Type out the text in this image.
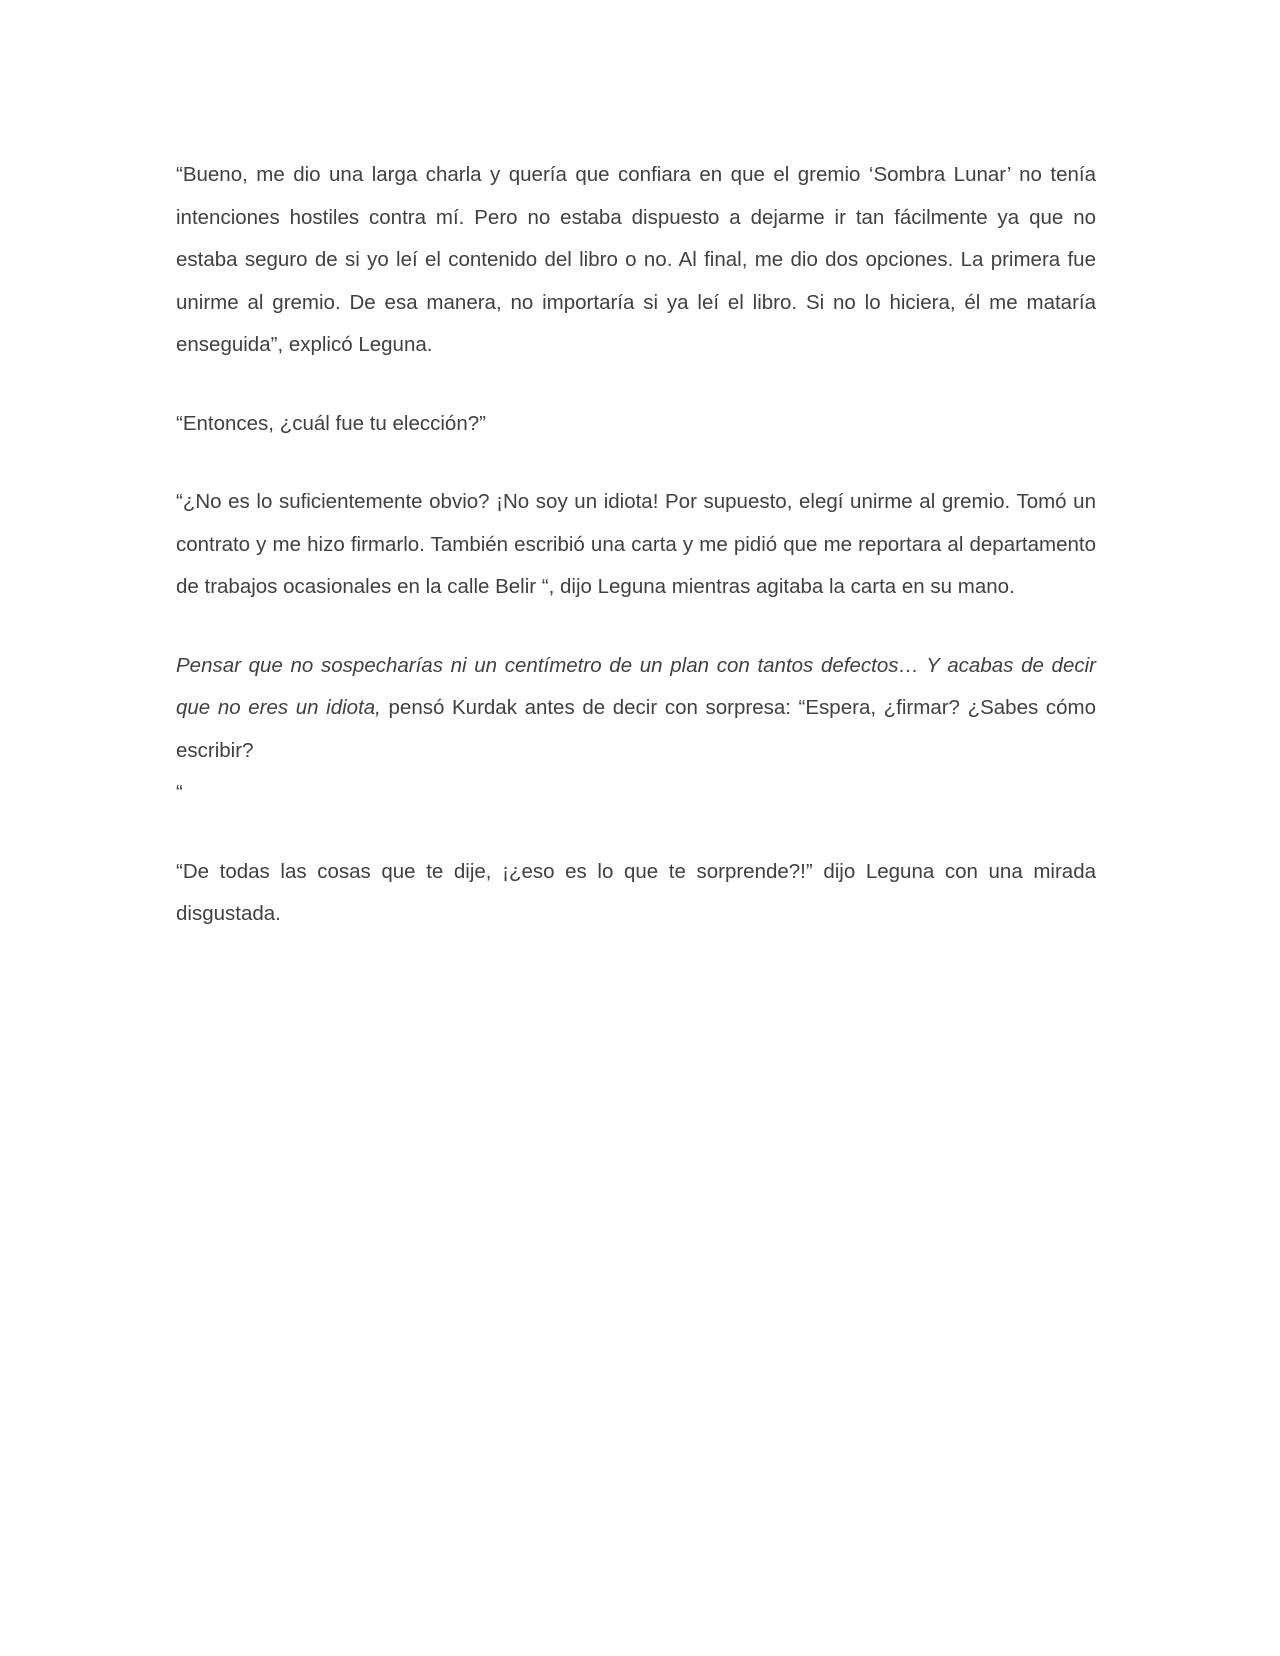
“Bueno, me dio una larga charla y quería que confiara en que el gremio ‘Sombra Lunar’ no tenía intenciones hostiles contra mí. Pero no estaba dispuesto a dejarme ir tan fácilmente ya que no estaba seguro de si yo leí el contenido del libro o no. Al final, me dio dos opciones. La primera fue unirme al gremio. De esa manera, no importaría si ya leí el libro. Si no lo hiciera, él me mataría enseguida”, explicó Leguna.

“Entonces, ¿cuál fue tu elección?”

“¿No es lo suficientemente obvio? ¡No soy un idiota! Por supuesto, elegí unirme al gremio. Tomó un contrato y me hizo firmarlo. También escribió una carta y me pidió que me reportara al departamento de trabajos ocasionales en la calle Belir “, dijo Leguna mientras agitaba la carta en su mano.

Pensar que no sospecharías ni un centímetro de un plan con tantos defectos… Y acabas de decir que no eres un idiota, pensó Kurdak antes de decir con sorpresa: “Espera, ¿firmar? ¿Sabes cómo escribir?
“

“De todas las cosas que te dije, ¡¿eso es lo que te sorprende?!” dijo Leguna con una mirada disgustada.
